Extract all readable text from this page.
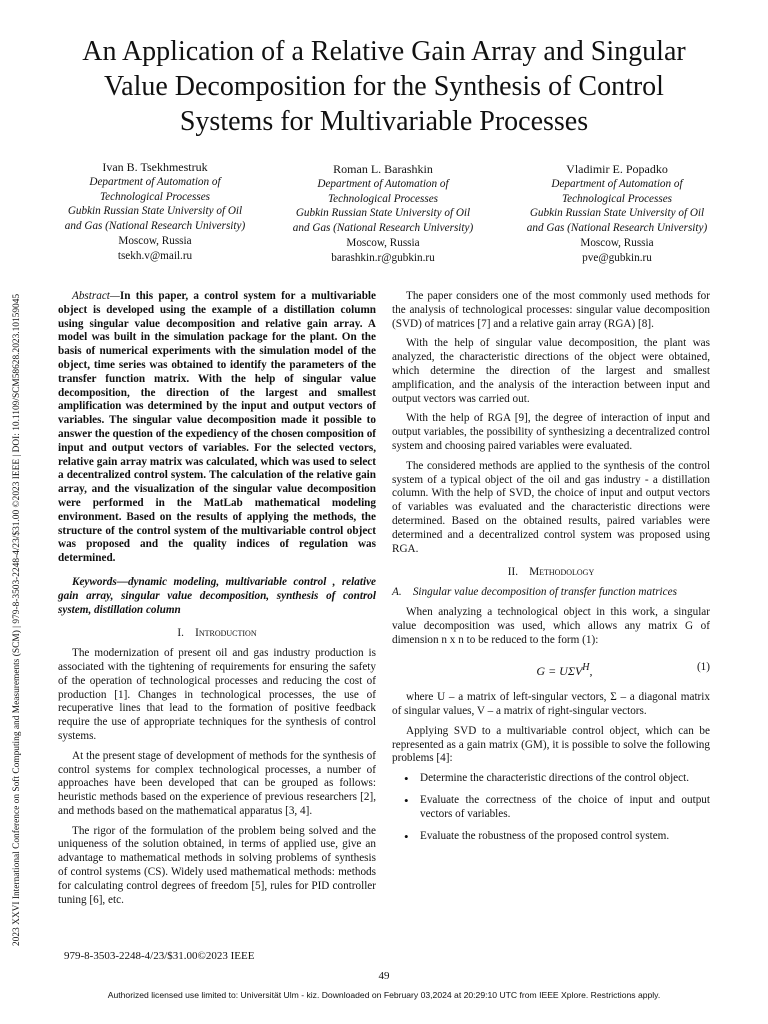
An Application of a Relative Gain Array and Singular Value Decomposition for the Synthesis of Control Systems for Multivariable Processes
2023 XXVI International Conference on Soft Computing and Measurements (SCM) | 979-8-3503-2248-4/23/$31.00 ©2023 IEEE | DOI: 10.1109/SCM58628.2023.10159045
Ivan B. Tsekhmestruk
Department of Automation of Technological Processes
Gubkin Russian State University of Oil and Gas (National Research University)
Moscow, Russia
tsekh.v@mail.ru
Roman L. Barashkin
Department of Automation of Technological Processes
Gubkin Russian State University of Oil and Gas (National Research University)
Moscow, Russia
barashkin.r@gubkin.ru
Vladimir E. Popadko
Department of Automation of Technological Processes
Gubkin Russian State University of Oil and Gas (National Research University)
Moscow, Russia
pve@gubkin.ru

Abstract—In this paper, a control system for a multivariable object is developed using the example of a distillation column using singular value decomposition and relative gain array. A model was built in the simulation package for the plant. On the basis of numerical experiments with the simulation model of the object, time series was obtained to identify the parameters of the transfer function matrix. With the help of singular value decomposition, the direction of the largest and smallest amplification was determined by the input and output vectors of variables. The singular value decomposition made it possible to answer the question of the expediency of the chosen composition of input and output vectors of variables. For the selected vectors, relative gain array matrix was calculated, which was used to select a decentralized control system. The calculation of the relative gain array, and the visualization of the singular value decomposition were performed in the MatLab mathematical modeling environment. Based on the results of applying the methods, the structure of the control system of the multivariable control object was proposed and the quality indices of regulation was determined.

Keywords—dynamic modeling, multivariable control , relative gain array, singular value decomposition, synthesis of control system, distillation column

I. Introduction

The modernization of present oil and gas industry production is associated with the tightening of requirements for ensuring the safety of the operation of technological processes and reducing the cost of production [1]. Changes in technological processes, the use of recuperative lines that lead to the formation of positive feedback require the use of appropriate techniques for the synthesis of control systems.

At the present stage of development of methods for the synthesis of control systems for complex technological processes, a number of approaches have been developed that can be grouped as follows: heuristic methods based on the experience of previous researchers [2], and methods based on the mathematical apparatus [3, 4].

The rigor of the formulation of the problem being solved and the uniqueness of the solution obtained, in terms of applied use, give an advantage to mathematical methods in solving problems of synthesis of control systems (CS). Widely used mathematical methods: methods for calculating control degrees of freedom [5], rules for PID controller tuning [6], etc.

The paper considers one of the most commonly used methods for the analysis of technological processes: singular value decomposition (SVD) of matrices [7] and a relative gain array (RGA) [8].

With the help of singular value decomposition, the plant was analyzed, the characteristic directions of the object were obtained, which determine the direction of the largest and smallest amplification, and the analysis of the interaction between input and output vectors was carried out.

With the help of RGA [9], the degree of interaction of input and output variables, the possibility of synthesizing a decentralized control system and choosing paired variables were evaluated.

The considered methods are applied to the synthesis of the control system of a typical object of the oil and gas industry - a distillation column. With the help of SVD, the choice of input and output vectors of variables was evaluated and the characteristic directions were determined. Based on the obtained results, paired variables were determined and a decentralized control system was proposed using RGA.

II. Methodology
A. Singular value decomposition of transfer function matrices

When analyzing a technological object in this work, a singular value decomposition was used, which allows any matrix G of dimension n x n to be reduced to the form (1):

$G = U\Sigma V^H$,	(1)

where U – a matrix of left-singular vectors, Σ – a diagonal matrix of singular values, V – a matrix of right-singular vectors.

Applying SVD to a multivariable control object, which can be represented as a gain matrix (GM), it is possible to solve the following problems [4]:

• Determine the characteristic directions of the control object.
• Evaluate the correctness of the choice of input and output vectors of variables.
• Evaluate the robustness of the proposed control system.
979-8-3503-2248-4/23/$31.00©2023 IEEE
49
Authorized licensed use limited to: Universität Ulm - kiz. Downloaded on February 03,2024 at 20:29:10 UTC from IEEE Xplore. Restrictions apply.
